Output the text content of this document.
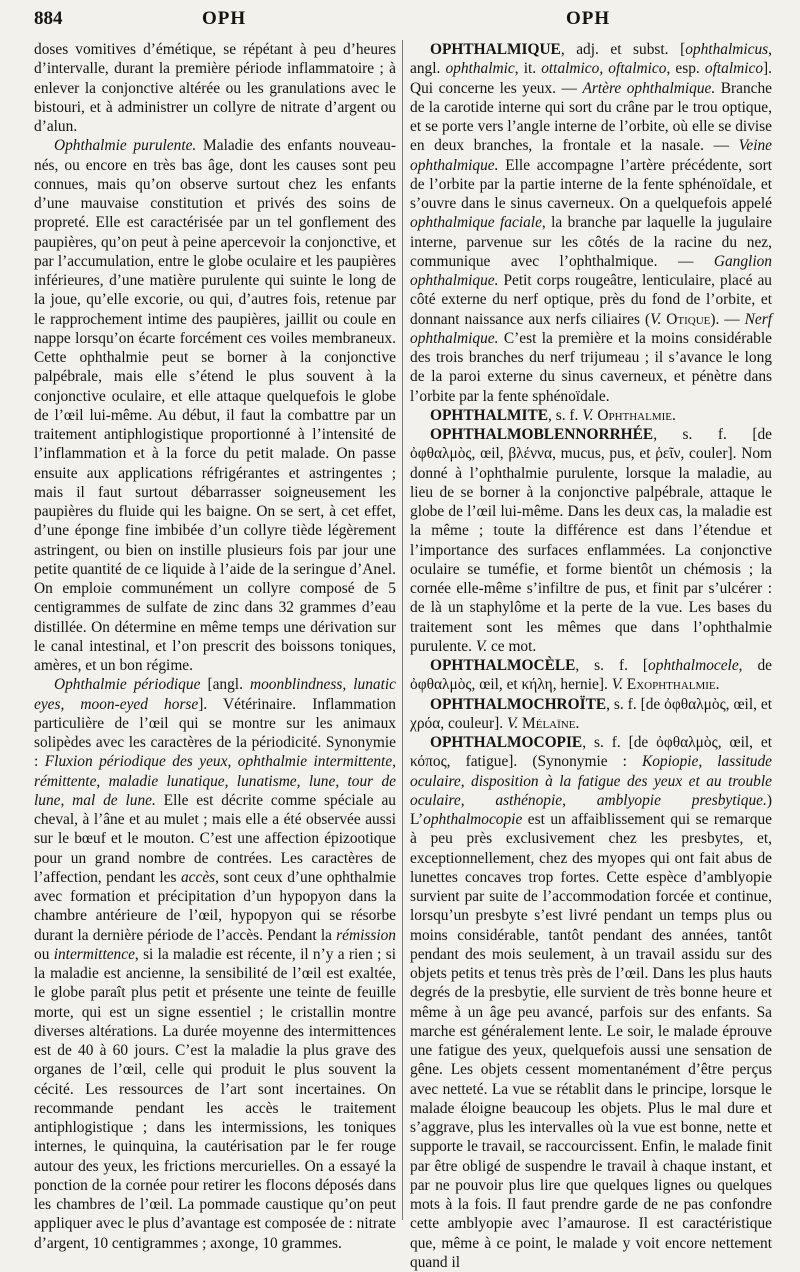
884	OPH	OPH

doses vomitives d’émétique, se répétant à peu d’heures d’intervalle, durant la première période inflammatoire ; à enlever la conjonctive altérée ou les granulations avec le bistouri, et à administrer un collyre de nitrate d’argent ou d’alun.

Ophthalmie purulente. Maladie des enfants nouveau-nés, ou encore en très bas âge, dont les causes sont peu connues, mais qu’on observe surtout chez les enfants d’une mauvaise constitution et privés des soins de propreté. Elle est caractérisée par un tel gonflement des paupières, qu’on peut à peine apercevoir la conjonctive, et par l’accumulation, entre le globe oculaire et les paupières inférieures, d’une matière purulente qui suinte le long de la joue, qu’elle excorie, ou qui, d’autres fois, retenue par le rapprochement intime des paupières, jaillit ou coule en nappe lorsqu’on écarte forcément ces voiles membraneux. Cette ophthalmie peut se borner à la conjonctive palpébrale, mais elle s’étend le plus souvent à la conjonctive oculaire, et elle attaque quelquefois le globe de l’œil lui-même. Au début, il faut la combattre par un traitement antiphlogistique proportionné à l’intensité de l’inflammation et à la force du petit malade. On passe ensuite aux applications réfrigérantes et astringentes ; mais il faut surtout débarrasser soigneusement les paupières du fluide qui les baigne. On se sert, à cet effet, d’une éponge fine imbibée d’un collyre tiède légèrement astringent, ou bien on instille plusieurs fois par jour une petite quantité de ce liquide à l’aide de la seringue d’Anel. On emploie communément un collyre composé de 5 centigrammes de sulfate de zinc dans 32 grammes d’eau distillée. On détermine en même temps une dérivation sur le canal intestinal, et l’on prescrit des boissons toniques, amères, et un bon régime.

Ophthalmie périodique [angl. moonblindness, lunatic eyes, moon-eyed horse]. Vétérinaire. Inflammation particulière de l’œil qui se montre sur les animaux solipèdes avec les caractères de la périodicité. Synonymie : Fluxion périodique des yeux, ophthalmie intermittente, rémittente, maladie lunatique, lunatisme, lune, tour de lune, mal de lune. Elle est décrite comme spéciale au cheval, à l’âne et au mulet ; mais elle a été observée aussi sur le bœuf et le mouton. C’est une affection épizootique pour un grand nombre de contrées. Les caractères de l’affection, pendant les accès, sont ceux d’une ophthalmie avec formation et précipitation d’un hypopyon dans la chambre antérieure de l’œil, hypopyon qui se résorbe durant la dernière période de l’accès. Pendant la rémission ou intermittence, si la maladie est récente, il n’y a rien ; si la maladie est ancienne, la sensibilité de l’œil est exaltée, le globe paraît plus petit et présente une teinte de feuille morte, qui est un signe essentiel ; le cristallin montre diverses altérations. La durée moyenne des intermittences est de 40 à 60 jours. C’est la maladie la plus grave des organes de l’œil, celle qui produit le plus souvent la cécité. Les ressources de l’art sont incertaines. On recommande pendant les accès le traitement antiphlogistique ; dans les intermissions, les toniques internes, le quinquina, la cautérisation par le fer rouge autour des yeux, les frictions mercurielles. On a essayé la ponction de la cornée pour retirer les flocons déposés dans les chambres de l’œil. La pommade caustique qu’on peut appliquer avec le plus d’avantage est composée de : nitrate d’argent, 10 centigrammes ; axonge, 10 grammes.

OPHTHALMIQUE, adj. et subst. [ophthalmicus, angl. ophthalmic, it. ottalmico, oftalmico, esp. oftalmico]. Qui concerne les yeux. — Artère ophthalmique. Branche de la carotide interne qui sort du crâne par le trou optique, et se porte vers l’angle interne de l’orbite, où elle se divise en deux branches, la frontale et la nasale. — Veine ophthalmique. Elle accompagne l’artère précédente, sort de l’orbite par la partie interne de la fente sphénoïdale, et s’ouvre dans le sinus caverneux. On a quelquefois appelé ophthalmique faciale, la branche par laquelle la jugulaire interne, parvenue sur les côtés de la racine du nez, communique avec l’ophthalmique. — Ganglion ophthalmique. Petit corps rougeâtre, lenticulaire, placé au côté externe du nerf optique, près du fond de l’orbite, et donnant naissance aux nerfs ciliaires (V. Otique). — Nerf ophthalmique. C’est la première et la moins considérable des trois branches du nerf trijumeau ; il s’avance le long de la paroi externe du sinus caverneux, et pénètre dans l’orbite par la fente sphénoïdale.

OPHTHALMITE, s. f. V. Ophthalmie.

OPHTHALMOBLENNORRHÉE, s. f. [de ὀφθαλμὸς, œil, βλέννα, mucus, pus, et ῥεῖν, couler]. Nom donné à l’ophthalmie purulente, lorsque la maladie, au lieu de se borner à la conjonctive palpébrale, attaque le globe de l’œil lui-même. Dans les deux cas, la maladie est la même ; toute la différence est dans l’étendue et l’importance des surfaces enflammées. La conjonctive oculaire se tuméfie, et forme bientôt un chémosis ; la cornée elle-même s’infiltre de pus, et finit par s’ulcérer : de là un staphylôme et la perte de la vue. Les bases du traitement sont les mêmes que dans l’ophthalmie purulente. V. ce mot.

OPHTHALMOCÈLE, s. f. [ophthalmocele, de ὀφθαλμὸς, œil, et κήλη, hernie]. V. Exophthalmie.

OPHTHALMOCHROÏTE, s. f. [de ὀφθαλμὸς, œil, et χρόα, couleur]. V. Mélaïne.

OPHTHALMOCOPIE, s. f. [de ὀφθαλμὸς, œil, et κόπος, fatigue]. (Synonymie : Kopiopie, lassitude oculaire, disposition à la fatigue des yeux et au trouble oculaire, asthénopie, amblyopie presbytique.) L’ophthalmocopie est un affaiblissement qui se remarque à peu près exclusivement chez les presbytes, et, exceptionnellement, chez des myopes qui ont fait abus de lunettes concaves trop fortes. Cette espèce d’amblyopie survient par suite de l’accommodation forcée et continue, lorsqu’un presbyte s’est livré pendant un temps plus ou moins considérable, tantôt pendant des années, tantôt pendant des mois seulement, à un travail assidu sur des objets petits et tenus très près de l’œil. Dans les plus hauts degrés de la presbytie, elle survient de très bonne heure et même à un âge peu avancé, parfois sur des enfants. Sa marche est généralement lente. Le soir, le malade éprouve une fatigue des yeux, quelquefois aussi une sensation de gêne. Les objets cessent momentanément d’être perçus avec netteté. La vue se rétablit dans le principe, lorsque le malade éloigne beaucoup les objets. Plus le mal dure et s’aggrave, plus les intervalles où la vue est bonne, nette et supporte le travail, se raccourcissent. Enfin, le malade finit par être obligé de suspendre le travail à chaque instant, et par ne pouvoir plus lire que quelques lignes ou quelques mots à la fois. Il faut prendre garde de ne pas confondre cette amblyopie avec l’amaurose. Il est caractéristique que, même à ce point, le malade y voit encore nettement quand il
